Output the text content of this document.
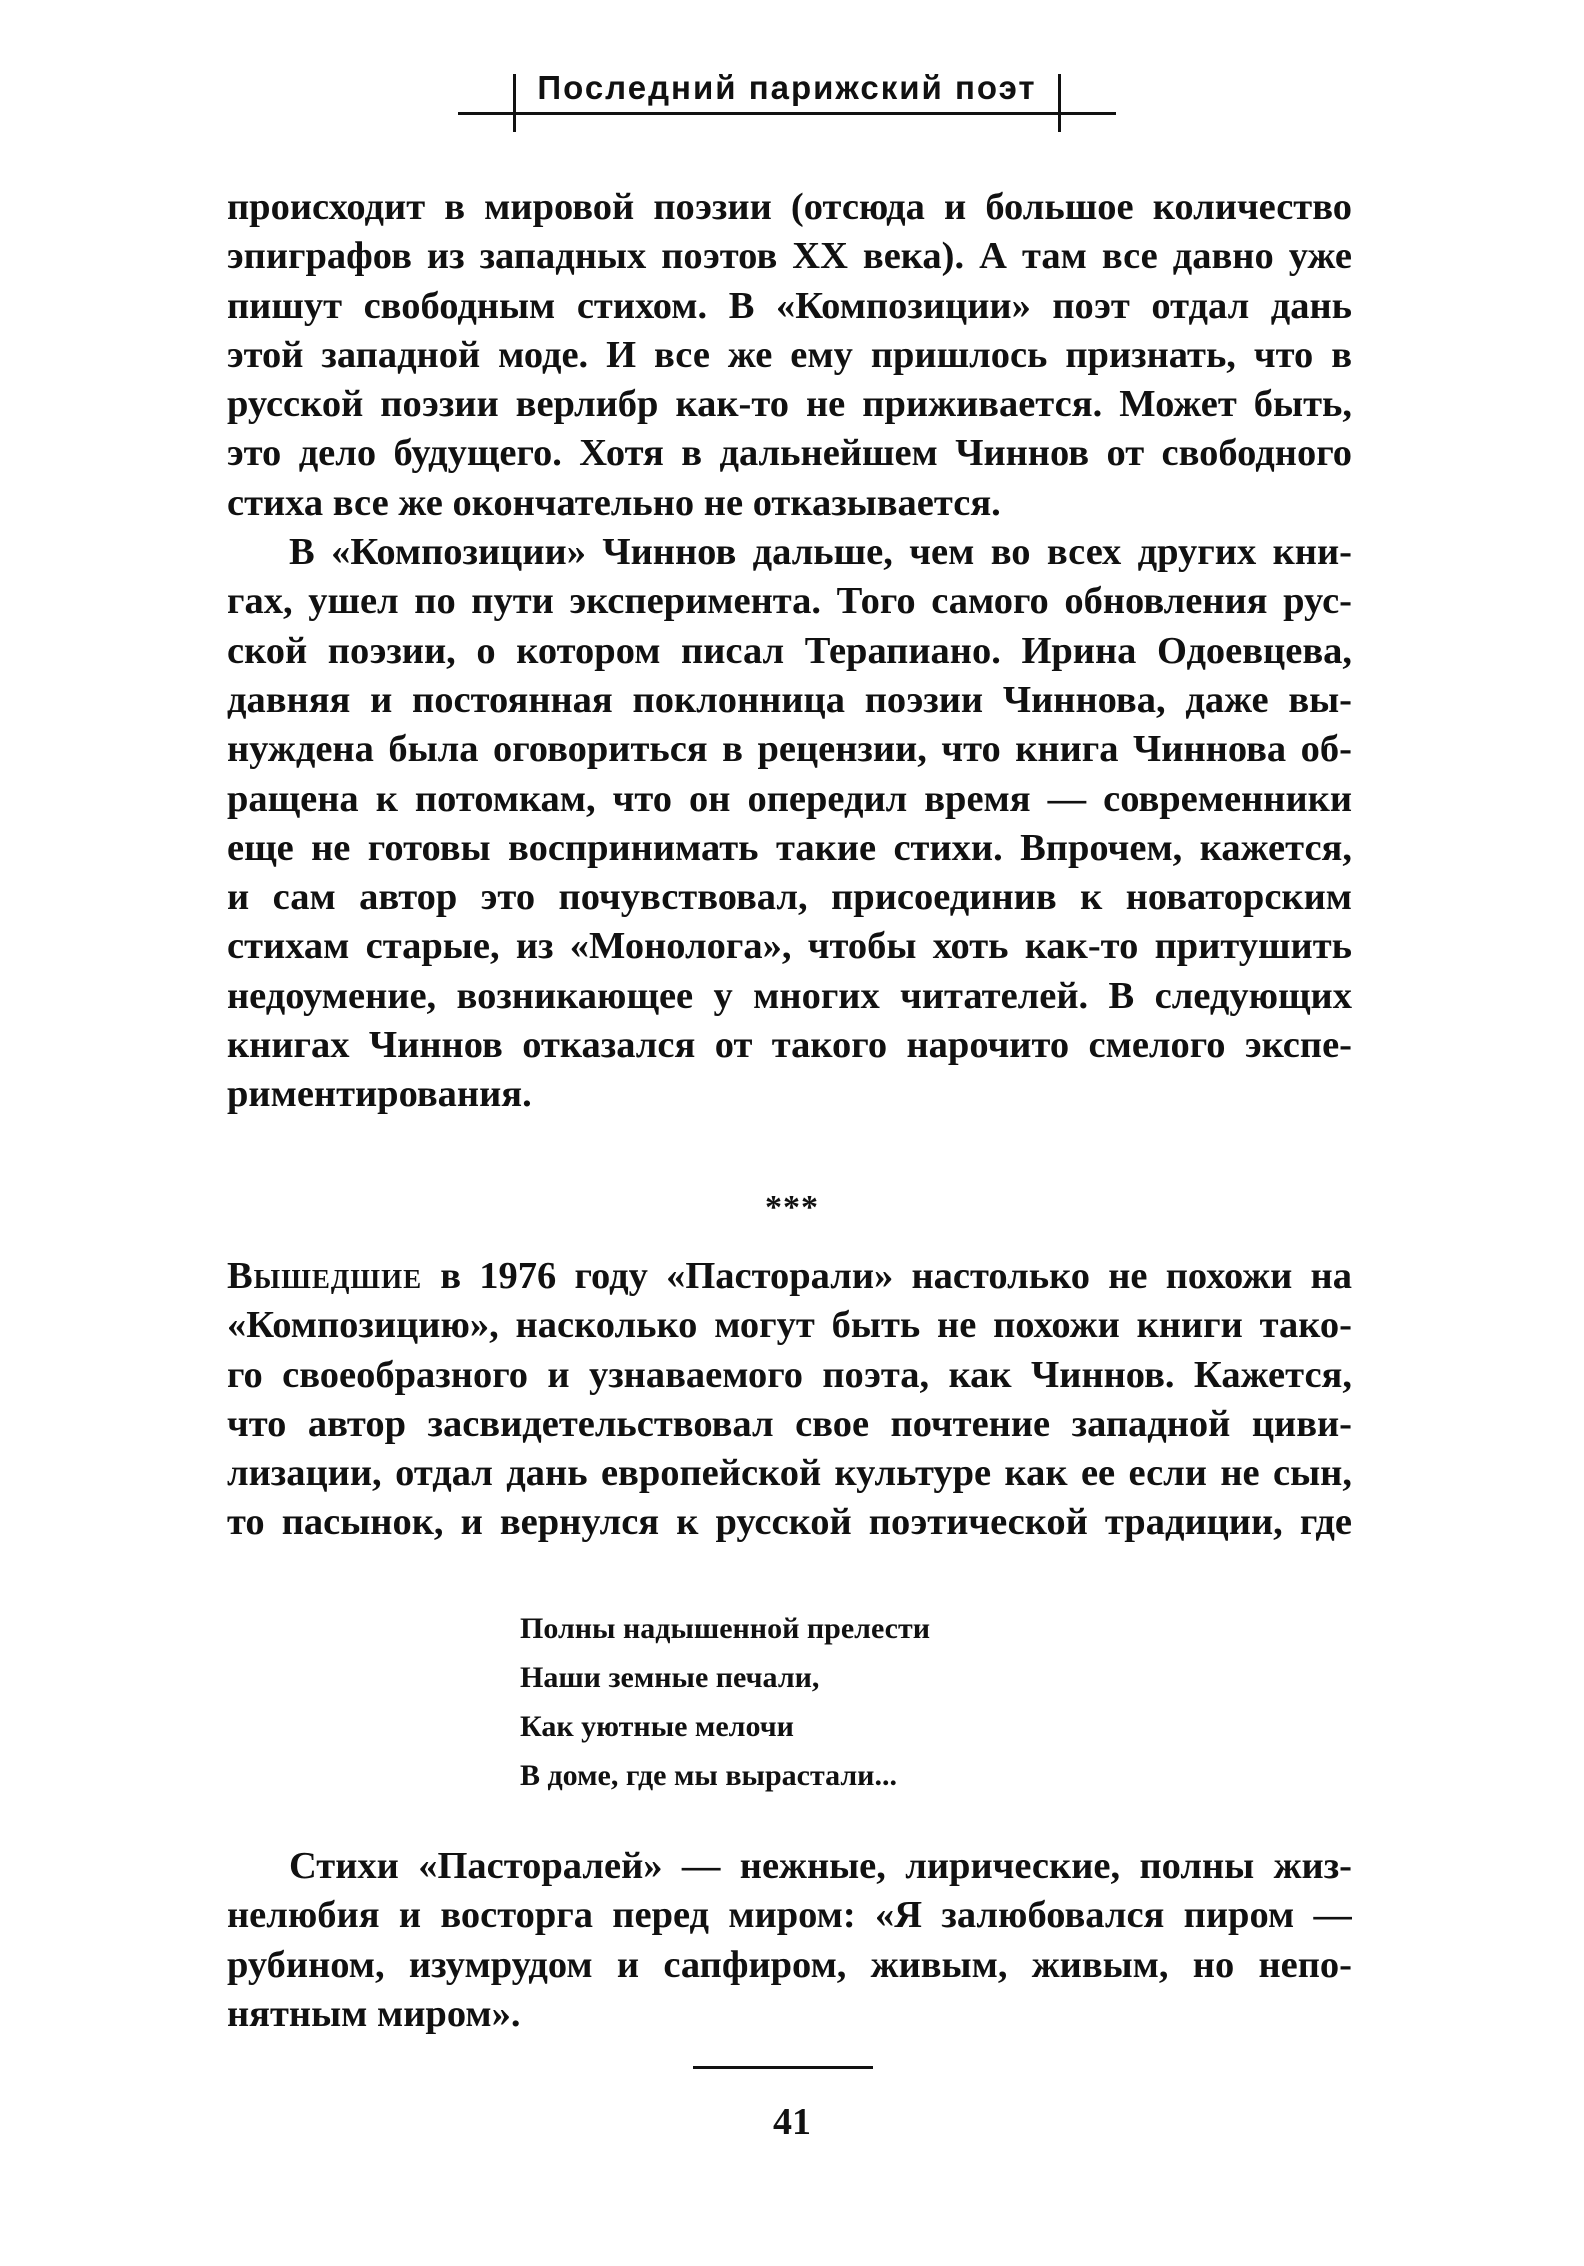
Последний парижский поэт
происходит в мировой поэзии (отсюда и большое количество
эпиграфов из западных поэтов XX века). А там все давно уже
пишут свободным стихом. В «Композиции» поэт отдал дань
этой западной моде. И все же ему пришлось признать, что в
русской поэзии верлибр как-то не приживается. Может быть,
это дело будущего. Хотя в дальнейшем Чиннов от свободного
стиха все же окончательно не отказывается.
В «Композиции» Чиннов дальше, чем во всех других кни-
гах, ушел по пути эксперимента. Того самого обновления рус-
ской поэзии, о котором писал Терапиано. Ирина Одоевцева,
давняя и постоянная поклонница поэзии Чиннова, даже вы-
нуждена была оговориться в рецензии, что книга Чиннова об-
ращена к потомкам, что он опередил время — современники
еще не готовы воспринимать такие стихи. Впрочем, кажется,
и сам автор это почувствовал, присоединив к новаторским
стихам старые, из «Монолога», чтобы хоть как-то притушить
недоумение, возникающее у многих читателей. В следующих
книгах Чиннов отказался от такого нарочито смелого экспе-
риментирования.
***
Вышедшие в 1976 году «Пасторали» настолько не похожи на
«Композицию», насколько могут быть не похожи книги тако-
го своеобразного и узнаваемого поэта, как Чиннов. Кажется,
что автор засвидетельствовал свое почтение западной циви-
лизации, отдал дань европейской культуре как ее если не сын,
то пасынок, и вернулся к русской поэтической традиции, где
Полны надышенной прелести
Наши земные печали,
Как уютные мелочи
В доме, где мы вырастали...
Стихи «Пасторалей» — нежные, лирические, полны жиз-
нелюбия и восторга перед миром: «Я залюбовался пиром —
рубином, изумрудом и сапфиром, живым, живым, но непо-
нятным миром».
41
